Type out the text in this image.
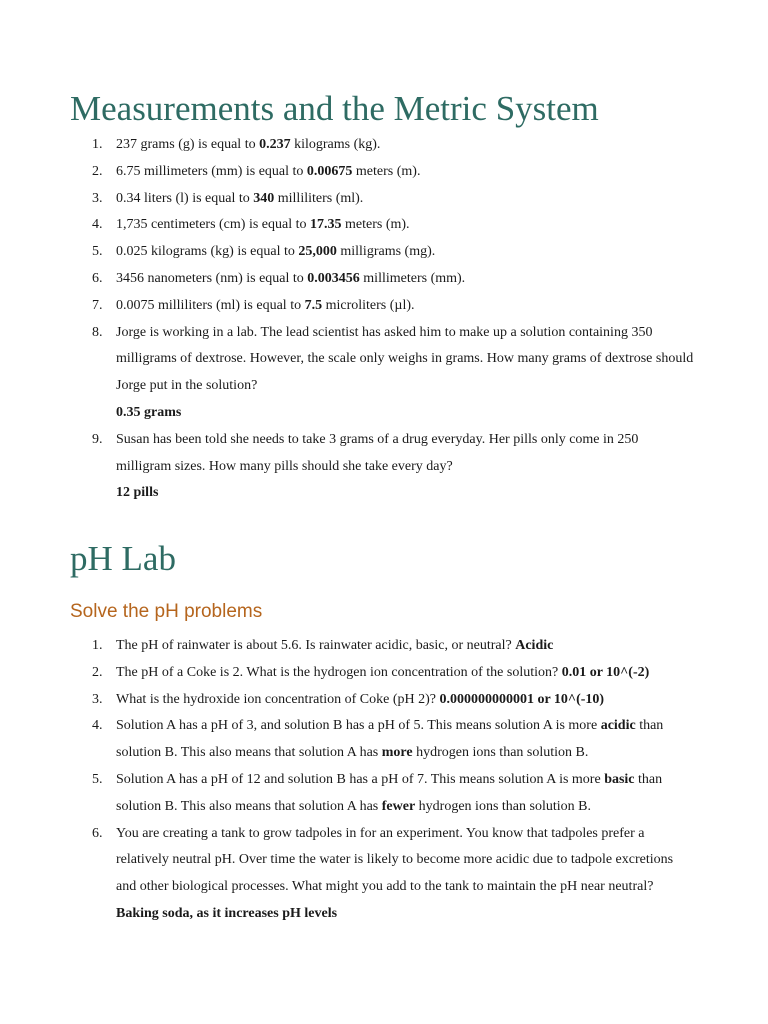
Measurements and the Metric System
1. 237 grams (g) is equal to 0.237 kilograms (kg).
2. 6.75 millimeters (mm) is equal to 0.00675 meters (m).
3. 0.34 liters (l) is equal to 340 milliliters (ml).
4. 1,735 centimeters (cm) is equal to 17.35 meters (m).
5. 0.025 kilograms (kg) is equal to 25,000 milligrams (mg).
6. 3456 nanometers (nm) is equal to 0.003456 millimeters (mm).
7. 0.0075 milliliters (ml) is equal to 7.5 microliters (µl).
8. Jorge is working in a lab. The lead scientist has asked him to make up a solution containing 350 milligrams of dextrose. However, the scale only weighs in grams. How many grams of dextrose should Jorge put in the solution?
0.35 grams
9. Susan has been told she needs to take 3 grams of a drug everyday. Her pills only come in 250 milligram sizes. How many pills should she take every day?
12 pills
pH Lab
Solve the pH problems
1. The pH of rainwater is about 5.6. Is rainwater acidic, basic, or neutral? Acidic
2. The pH of a Coke is 2. What is the hydrogen ion concentration of the solution? 0.01 or 10^(-2)
3. What is the hydroxide ion concentration of Coke (pH 2)? 0.000000000001 or 10^(-10)
4. Solution A has a pH of 3, and solution B has a pH of 5. This means solution A is more acidic than solution B. This also means that solution A has more hydrogen ions than solution B.
5. Solution A has a pH of 12 and solution B has a pH of 7. This means solution A is more basic than solution B. This also means that solution A has fewer hydrogen ions than solution B.
6. You are creating a tank to grow tadpoles in for an experiment. You know that tadpoles prefer a relatively neutral pH. Over time the water is likely to become more acidic due to tadpole excretions and other biological processes. What might you add to the tank to maintain the pH near neutral? Baking soda, as it increases pH levels
